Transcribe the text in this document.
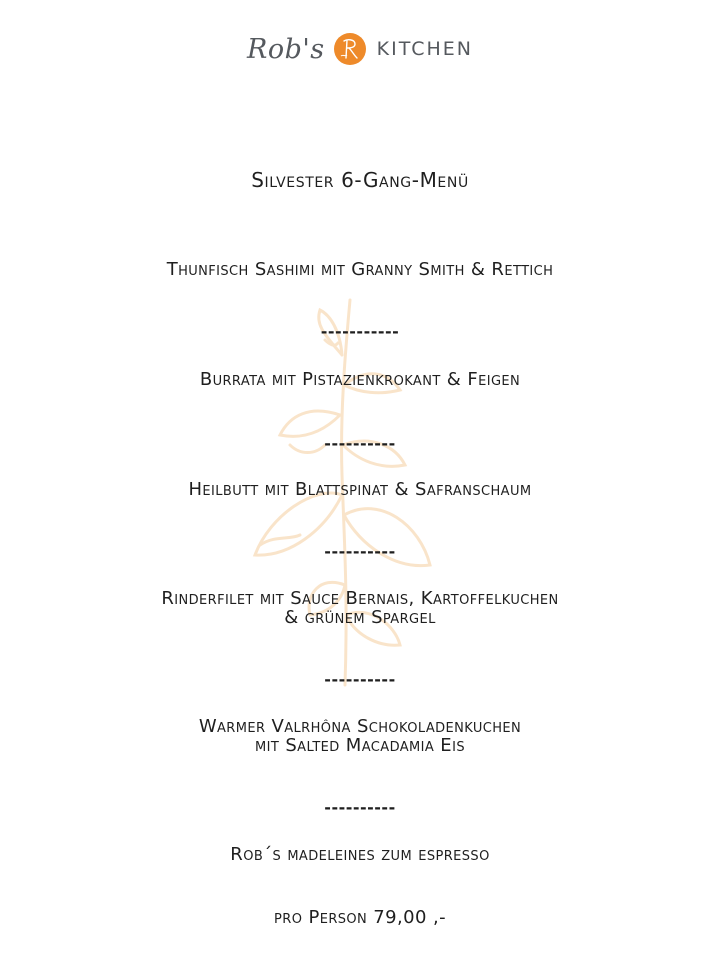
Rob's	KITCHEN
Silvester 6-Gang-Menü
Thunfisch Sashimi mit Granny Smith & Rettich
-----------
Burrata mit Pistazienkrokant & Feigen
----------
Heilbutt mit Blattspinat & Safranschaum
----------
Rinderfilet mit Sauce Bernais, Kartoffelkuchen
& grünem Spargel
----------
Warmer Valrhôna Schokoladenkuchen
mit Salted Macadamia Eis
----------
Rob´s madeleines zum espresso
pro Person 79,00 ,-
